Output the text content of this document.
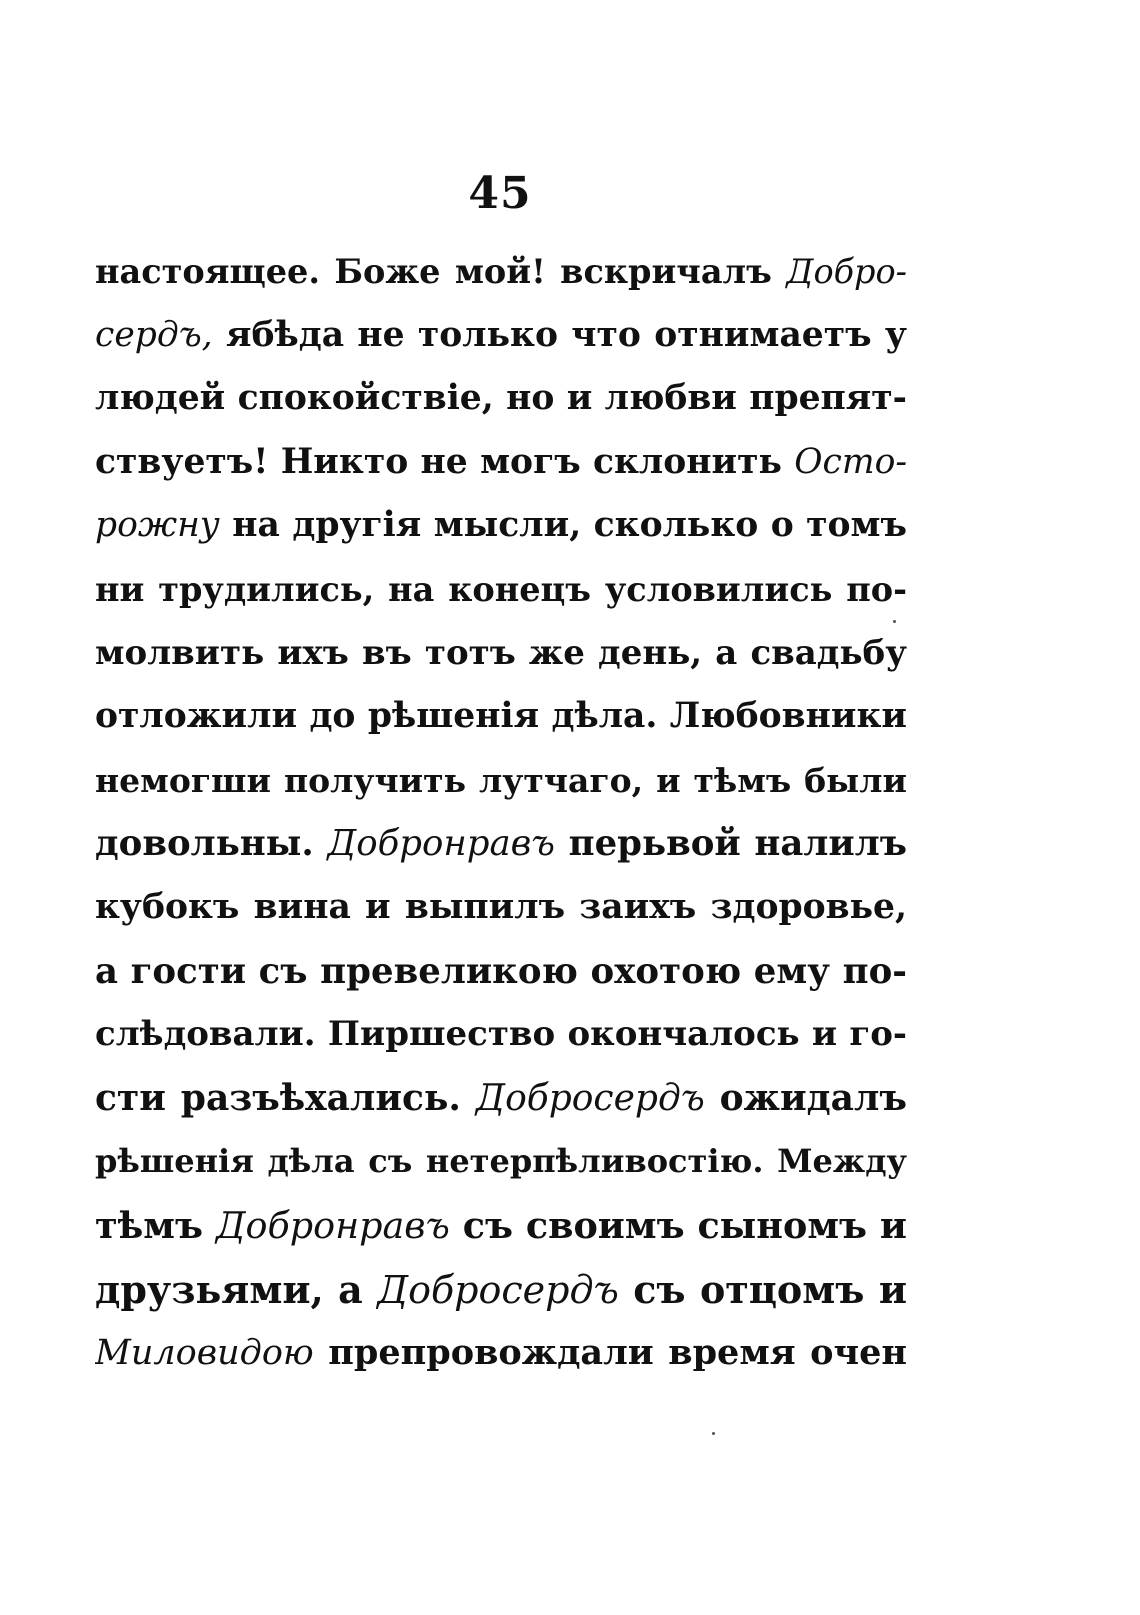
45
настоящее. Боже мой! вскричалъ Добро-
сердъ, ябѣда не только что отнимаетъ у
людей спокойствіе, но и любви препят-
ствуетъ! Никто не могъ склонить Осто-
рожну на другія мысли, сколько о томъ
ни трудились, на конецъ условились по-
молвить ихъ въ тотъ же день, а свадьбу
отложили до рѣшенія дѣла. Любовники
немогши получить лутчаго, и тѣмъ были
довольны. Добронравъ перьвой налилъ
кубокъ вина и выпилъ заихъ здоровье,
а гости съ превеликою охотою ему по-
слѣдовали. Пиршество окончалось и го-
сти разъѣхались. Добросердъ ожидалъ
рѣшенія дѣла съ нетерпѣливостію. Между
тѣмъ Добронравъ съ своимъ сыномъ и
друзьями, а Добросердъ съ отцомъ и
Миловидою препровождали время очен
